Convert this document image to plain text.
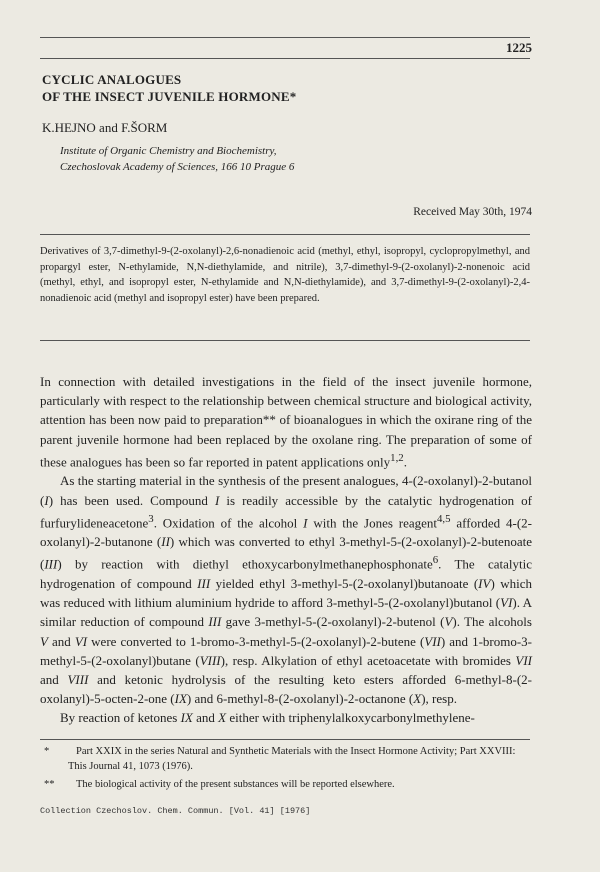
1225
CYCLIC ANALOGUES
OF THE INSECT JUVENILE HORMONE*
K.HEJNO and F.ŠORM
Institute of Organic Chemistry and Biochemistry,
Czechoslovak Academy of Sciences, 166 10 Prague 6
Received May 30th, 1974
Derivatives of 3,7-dimethyl-9-(2-oxolanyl)-2,6-nonadienoic acid (methyl, ethyl, isopropyl, cyclopropylmethyl, and propargyl ester, N-ethylamide, N,N-diethylamide, and nitrile), 3,7-dimethyl-9-(2-oxolanyl)-2-nonenoic acid (methyl, ethyl, and isopropyl ester, N-ethylamide and N,N-diethylamide), and 3,7-dimethyl-9-(2-oxolanyl)-2,4-nonadienoic acid (methyl and isopropyl ester) have been prepared.

In connection with detailed investigations in the field of the insect juvenile hormone, particularly with respect to the relationship between chemical structure and biological activity, attention has been now paid to preparation** of bioanalogues in which the oxirane ring of the parent juvenile hormone had been replaced by the oxolane ring. The preparation of some of these analogues has been so far reported in patent applications only$^{1,2}$.

As the starting material in the synthesis of the present analogues, 4-(2-oxolanyl)-2-butanol (I) has been used. Compound I is readily accessible by the catalytic hydrogenation of furfurylideneacetone$^3$. Oxidation of the alcohol I with the Jones reagent$^{4,5}$ afforded 4-(2-oxolanyl)-2-butanone (II) which was converted to ethyl 3-methyl-5-(2-oxolanyl)-2-butenoate (III) by reaction with diethyl ethoxycarbonylmethanephosphonate$^6$. The catalytic hydrogenation of compound III yielded ethyl 3-methyl-5-(2-oxolanyl)butanoate (IV) which was reduced with lithium aluminium hydride to afford 3-methyl-5-(2-oxolanyl)butanol (VI). A similar reduction of compound III gave 3-methyl-5-(2-oxolanyl)-2-butenol (V). The alcohols V and VI were converted to 1-bromo-3-methyl-5-(2-oxolanyl)-2-butene (VII) and 1-bromo-3-methyl-5-(2-oxolanyl)butane (VIII), resp. Alkylation of ethyl acetoacetate with bromides VII and VIII and ketonic hydrolysis of the resulting keto esters afforded 6-methyl-8-(2-oxolanyl)-5-octen-2-one (IX) and 6-methyl-8-(2-oxolanyl)-2-octanone (X), resp.

By reaction of ketones IX and X either with triphenylalkoxycarbonylmethylene-

*	Part XXIX in the series Natural and Synthetic Materials with the Insect Hormone Activity; Part XXVIII: This Journal 41, 1073 (1976).
**	The biological activity of the present substances will be reported elsewhere.
Collection Czechoslov. Chem. Commun. [Vol. 41] [1976]
